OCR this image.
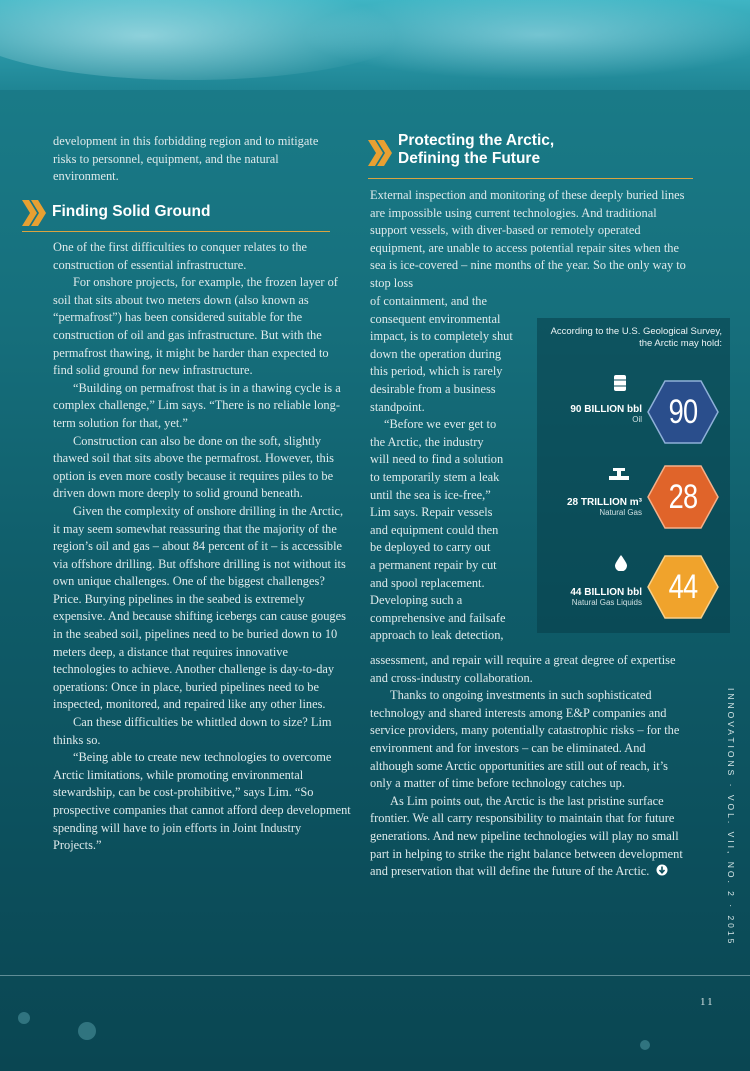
development in this forbidding region and to mitigate risks to personnel, equipment, and the natural environment.

Finding Solid Ground

One of the first difficulties to conquer relates to the construction of essential infrastructure.

For onshore projects, for example, the frozen layer of soil that sits about two meters down (also known as “permafrost”) has been considered suitable for the construction of oil and gas infrastructure. But with the permafrost thawing, it might be harder than expected to find solid ground for new infrastructure.

“Building on permafrost that is in a thawing cycle is a complex challenge,” Lim says. “There is no reliable long-term solution for that, yet.”

Construction can also be done on the soft, slightly thawed soil that sits above the permafrost. However, this option is even more costly because it requires piles to be driven down more deeply to solid ground beneath.

Given the complexity of onshore drilling in the Arctic, it may seem somewhat reassuring that the majority of the region’s oil and gas – about 84 percent of it – is accessible via offshore drilling. But offshore drilling is not without its own unique challenges. One of the biggest challenges? Price. Burying pipelines in the seabed is extremely expensive. And because shifting icebergs can cause gouges in the seabed soil, pipelines need to be buried down to 10 meters deep, a distance that requires innovative technologies to achieve. Another challenge is day-to-day operations: Once in place, buried pipelines need to be inspected, monitored, and repaired like any other lines.

Can these difficulties be whittled down to size? Lim thinks so.

“Being able to create new technologies to overcome Arctic limitations, while promoting environmental stewardship, can be cost-prohibitive,” says Lim. “So prospective companies that cannot afford deep development spending will have to join efforts in Joint Industry Projects.”

Protecting the Arctic,
Defining the Future

External inspection and monitoring of these deeply buried lines are impossible using current technologies. And traditional support vessels, with diver-based or remotely operated equipment, are unable to access potential repair sites when the sea is ice-covered – nine months of the year. So the only way to stop loss

of containment, and the
consequent environmental
impact, is to completely shut
down the operation during
this period, which is rarely
desirable from a business
standpoint.
“Before we ever get to
the Arctic, the industry
will need to find a solution
to temporarily stem a leak
until the sea is ice-free,”
Lim says. Repair vessels
and equipment could then
be deployed to carry out
a permanent repair by cut
and spool replacement.
Developing such a
comprehensive and failsafe
approach to leak detection,

assessment, and repair will require a great degree of expertise and cross-industry collaboration.

Thanks to ongoing investments in such sophisticated technology and shared interests among E&P companies and service providers, many potentially catastrophic risks – for the environment and for investors – can be eliminated. And although some Arctic opportunities are still out of reach, it’s only a matter of time before technology catches up.

As Lim points out, the Arctic is the last pristine surface frontier. We all carry responsibility to maintain that for future generations. And new pipeline technologies will play no small part in helping to strike the right balance between development and preservation that will define the future of the Arctic.

According to the U.S. Geological Survey, the Arctic may hold:
90 BILLION bbl
Oil 90
28 TRILLION m³
Natural Gas 28
44 BILLION bbl
Natural Gas Liquids 44
INNOVATIONS · VOL. VII, NO. 2 · 2015
11
